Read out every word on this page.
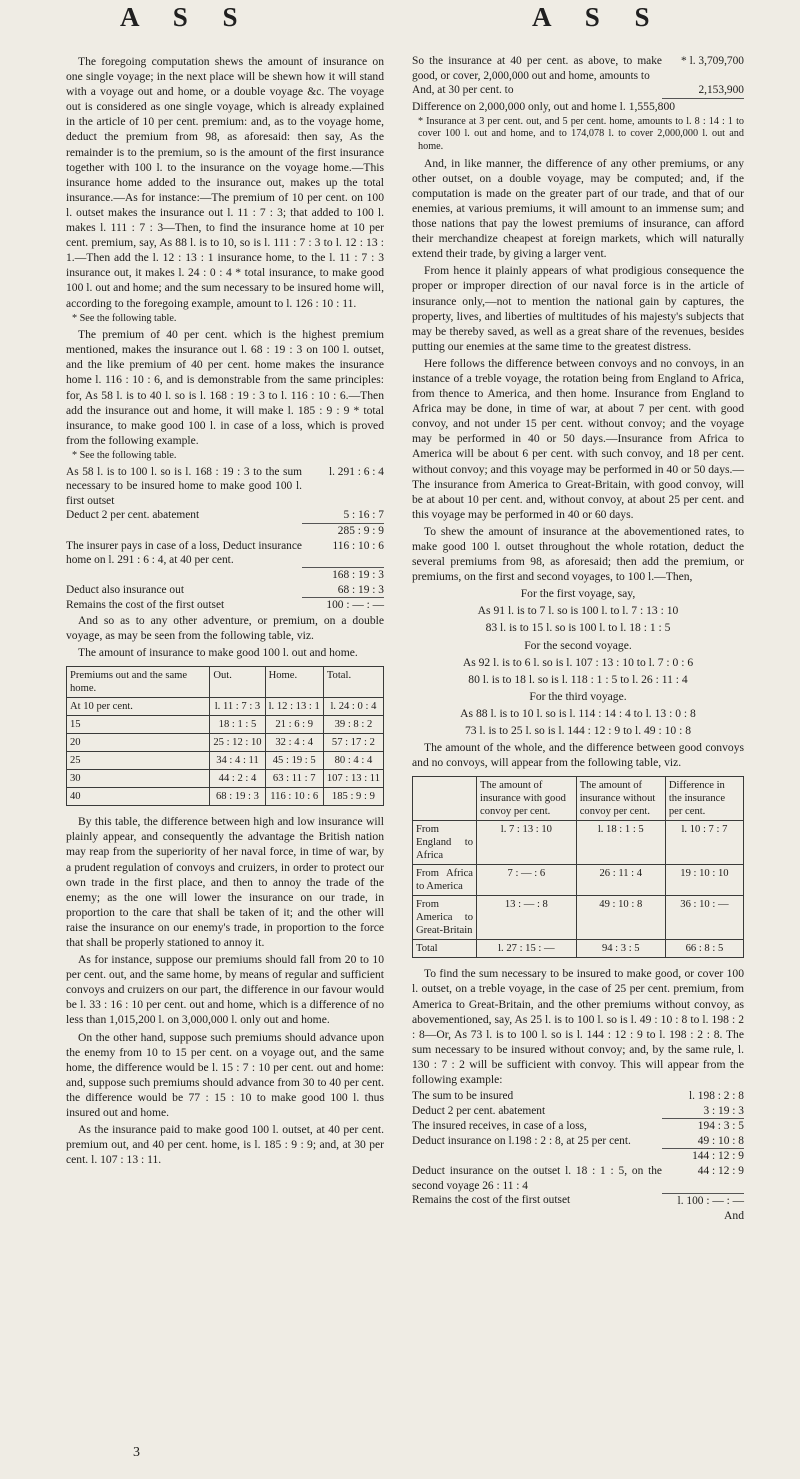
A S S	A S S

The foregoing computation shews the amount of insurance on one single voyage; in the next place will be shewn how it will stand with a voyage out and home, or a double voyage &c. The voyage out is considered as one single voyage, which is already explained in the article of 10 per cent. premium: and, as to the voyage home, deduct the premium from 98, as aforesaid: then say, As the remainder is to the premium, so is the amount of the first insurance together with 100 l. to the insurance on the voyage home.—This insurance home added to the insurance out, makes up the total insurance.—As for instance:—The premium of 10 per cent. on 100 l. outset makes the insurance out l. 11 : 7 : 3; that added to 100 l. makes l. 111 : 7 : 3—Then, to find the insurance home at 10 per cent. premium, say, As 88 l. is to 10, so is l. 111 : 7 : 3 to l. 12 : 13 : 1.—Then add the l. 12 : 13 : 1 insurance home, to the l. 11 : 7 : 3 insurance out, it makes l. 24 : 0 : 4 * total insurance, to make good 100 l. out and home; and the sum necessary to be insured home will, according to the foregoing example, amount to l. 126 : 10 : 11.

* See the following table.

The premium of 40 per cent. which is the highest premium mentioned, makes the insurance out l. 68 : 19 : 3 on 100 l. outset, and the like premium of 40 per cent. home makes the insurance home l. 116 : 10 : 6, and is demonstrable from the same principles: for, As 58 l. is to 40 l. so is l. 168 : 19 : 3 to l. 116 : 10 : 6.—Then add the insurance out and home, it will make l. 185 : 9 : 9 * total insurance, to make good 100 l. in case of a loss, which is proved from the following example.

* See the following table.

As 58 l. is to 100 l. so is l. 168 : 19 : 3 to the sum necessary to be insured home to make good 100 l. first outset	l. 291 : 6 : 4
Deduct 2 per cent. abatement	5 : 16 : 7
	285 : 9 : 9
The insurer pays in case of a loss, Deduct insurance home on l. 291 : 6 : 4, at 40 per cent.	116 : 10 : 6
	168 : 19 : 3
Deduct also insurance out	68 : 19 : 3
Remains the cost of the first outset	100 : — : —

And so as to any other adventure, or premium, on a double voyage, as may be seen from the following table, viz.

The amount of insurance to make good 100 l. out and home.

Premiums out and the same home.	Out.	Home.	Total.
At 10 per cent.	l. 11 : 7 : 3	l. 12 : 13 : 1	l. 24 : 0 : 4
15	18 : 1 : 5	21 : 6 : 9	39 : 8 : 2
20	25 : 12 : 10	32 : 4 : 4	57 : 17 : 2
25	34 : 4 : 11	45 : 19 : 5	80 : 4 : 4
30	44 : 2 : 4	63 : 11 : 7	107 : 13 : 11
40	68 : 19 : 3	116 : 10 : 6	185 : 9 : 9

By this table, the difference between high and low insurance will plainly appear, and consequently the advantage the British nation may reap from the superiority of her naval force, in time of war, by a prudent regulation of convoys and cruizers, in order to protect our own trade in the first place, and then to annoy the trade of the enemy; as the one will lower the insurance on our trade, in proportion to the care that shall be taken of it; and the other will raise the insurance on our enemy's trade, in proportion to the force that shall be properly stationed to annoy it.

As for instance, suppose our premiums should fall from 20 to 10 per cent. out, and the same home, by means of regular and sufficient convoys and cruizers on our part, the difference in our favour would be l. 33 : 16 : 10 per cent. out and home, which is a difference of no less than 1,015,200 l. on 3,000,000 l. only out and home.

On the other hand, suppose such premiums should advance upon the enemy from 10 to 15 per cent. on a voyage out, and the same home, the difference would be l. 15 : 7 : 10 per cent. out and home: and, suppose such premiums should advance from 30 to 40 per cent. the difference would be 77 : 15 : 10 to make good 100 l. thus insured out and home.

As the insurance paid to make good 100 l. outset, at 40 per cent. premium out, and 40 per cent. home, is l. 185 : 9 : 9; and, at 30 per cent. l. 107 : 13 : 11.

So the insurance at 40 per cent. as above, to make good, or cover, 2,000,000 out and home, amounts to	* l. 3,709,700
And, at 30 per cent. to	2,153,900

Difference on 2,000,000 only, out and home l. 1,555,800

* Insurance at 3 per cent. out, and 5 per cent. home, amounts to l. 8 : 14 : 1 to cover 100 l. out and home, and to 174,078 l. to cover 2,000,000 l. out and home.

And, in like manner, the difference of any other premiums, or any other outset, on a double voyage, may be computed; and, if the computation is made on the greater part of our trade, and that of our enemies, at various premiums, it will amount to an immense sum; and those nations that pay the lowest premiums of insurance, can afford their merchandize cheapest at foreign markets, which will naturally extend their trade, by giving a larger vent.

From hence it plainly appears of what prodigious consequence the proper or improper direction of our naval force is in the article of insurance only,—not to mention the national gain by captures, the property, lives, and liberties of multitudes of his majesty's subjects that may be thereby saved, as well as a great share of the revenues, besides putting our enemies at the same time to the greatest distress.

Here follows the difference between convoys and no convoys, in an instance of a treble voyage, the rotation being from England to Africa, from thence to America, and then home. Insurance from England to Africa may be done, in time of war, at about 7 per cent. with good convoy, and not under 15 per cent. without convoy; and the voyage may be performed in 40 or 50 days.—Insurance from Africa to America will be about 6 per cent. with such convoy, and 18 per cent. without convoy; and this voyage may be performed in 40 or 50 days.—The insurance from America to Great-Britain, with good convoy, will be at about 10 per cent. and, without convoy, at about 25 per cent. and this voyage may be performed in 40 or 60 days.

To shew the amount of insurance at the abovementioned rates, to make good 100 l. outset throughout the whole rotation, deduct the several premiums from 98, as aforesaid; then add the premium, or premiums, on the first and second voyages, to 100 l.—Then,

For the first voyage, say,

As 91 l. is to 7 l. so is 100 l. to l. 7 : 13 : 10

83 l. is to 15 l. so is 100 l. to l. 18 : 1 : 5

For the second voyage.

As 92 l. is to 6 l. so is l. 107 : 13 : 10 to l. 7 : 0 : 6

80 l. is to 18 l. so is l. 118 : 1 : 5 to l. 26 : 11 : 4

For the third voyage.

As 88 l. is to 10 l. so is l. 114 : 14 : 4 to l. 13 : 0 : 8

73 l. is to 25 l. so is l. 144 : 12 : 9 to l. 49 : 10 : 8

The amount of the whole, and the difference between good convoys and no convoys, will appear from the following table, viz.

	The amount of insurance with good convoy per cent.	The amount of insurance without convoy per cent.	Difference in the insurance per cent.
From England to Africa	l. 7 : 13 : 10	l. 18 : 1 : 5	l. 10 : 7 : 7
From Africa to America	7 : — : 6	26 : 11 : 4	19 : 10 : 10
From America to Great-Britain	13 : — : 8	49 : 10 : 8	36 : 10 : —
Total	l. 27 : 15 : —	94 : 3 : 5	66 : 8 : 5

To find the sum necessary to be insured to make good, or cover 100 l. outset, on a treble voyage, in the case of 25 per cent. premium, from America to Great-Britain, and the other premiums without convoy, as abovementioned, say, As 25 l. is to 100 l. so is l. 49 : 10 : 8 to l. 198 : 2 : 8—Or, As 73 l. is to 100 l. so is l. 144 : 12 : 9 to l. 198 : 2 : 8. The sum necessary to be insured without convoy; and, by the same rule, l. 130 : 7 : 2 will be sufficient with convoy. This will appear from the following example:

The sum to be insured	l. 198 : 2 : 8
Deduct 2 per cent. abatement	3 : 19 : 3
The insured receives, in case of a loss,	194 : 3 : 5
Deduct insurance on l.198 : 2 : 8, at 25 per cent.	49 : 10 : 8
	144 : 12 : 9
Deduct insurance on the outset l. 18 : 1 : 5, on the second voyage 26 : 11 : 4	44 : 12 : 9
Remains the cost of the first outset	l. 100 : — : —

And

3
